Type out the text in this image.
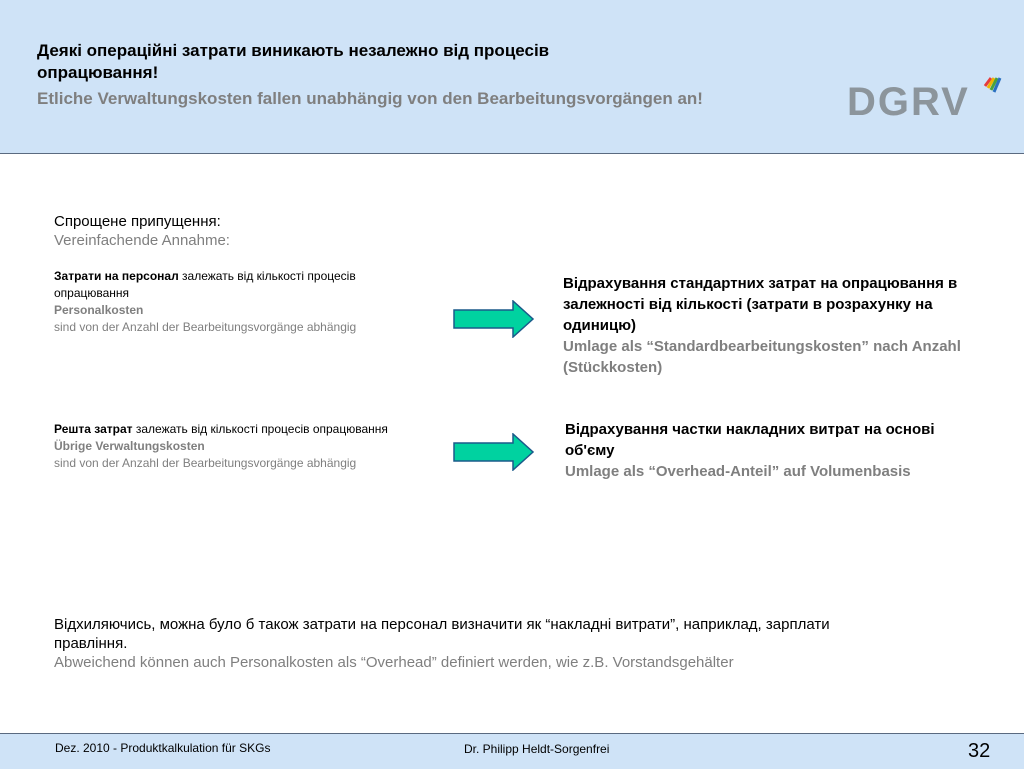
Деякі операційні затрати виникають незалежно від процесів
опрацювання!
Etliche Verwaltungskosten fallen unabhängig von den Bearbeitungsvorgängen an!	DGRV
Спрощене припущення:
Vereinfachende Annahme:
Затрати на персонал залежать від кількості процесів опрацювання
Personalkosten
sind von der Anzahl der Bearbeitungsvorgänge abhängig
Відрахування стандартних затрат на опрацювання в залежності від кількості (затрати в розрахунку на одиницю)
Umlage als “Standardbearbeitungskosten” nach Anzahl (Stückkosten)
Решта затрат залежать від кількості процесів опрацювання
Übrige Verwaltungskosten
sind von der Anzahl der Bearbeitungsvorgänge abhängig
Відрахування частки накладних витрат на основі об'єму
Umlage als “Overhead-Anteil” auf Volumenbasis
Відхиляючись, можна було б також затрати на персонал визначити як “накладні витрати”, наприклад, зарплати правління.
Abweichend können auch Personalkosten als “Overhead” definiert werden, wie z.B. Vorstandsgehälter
Dez. 2010 - Produktkalkulation für SKGs	Dr. Philipp Heldt-Sorgenfrei	32
